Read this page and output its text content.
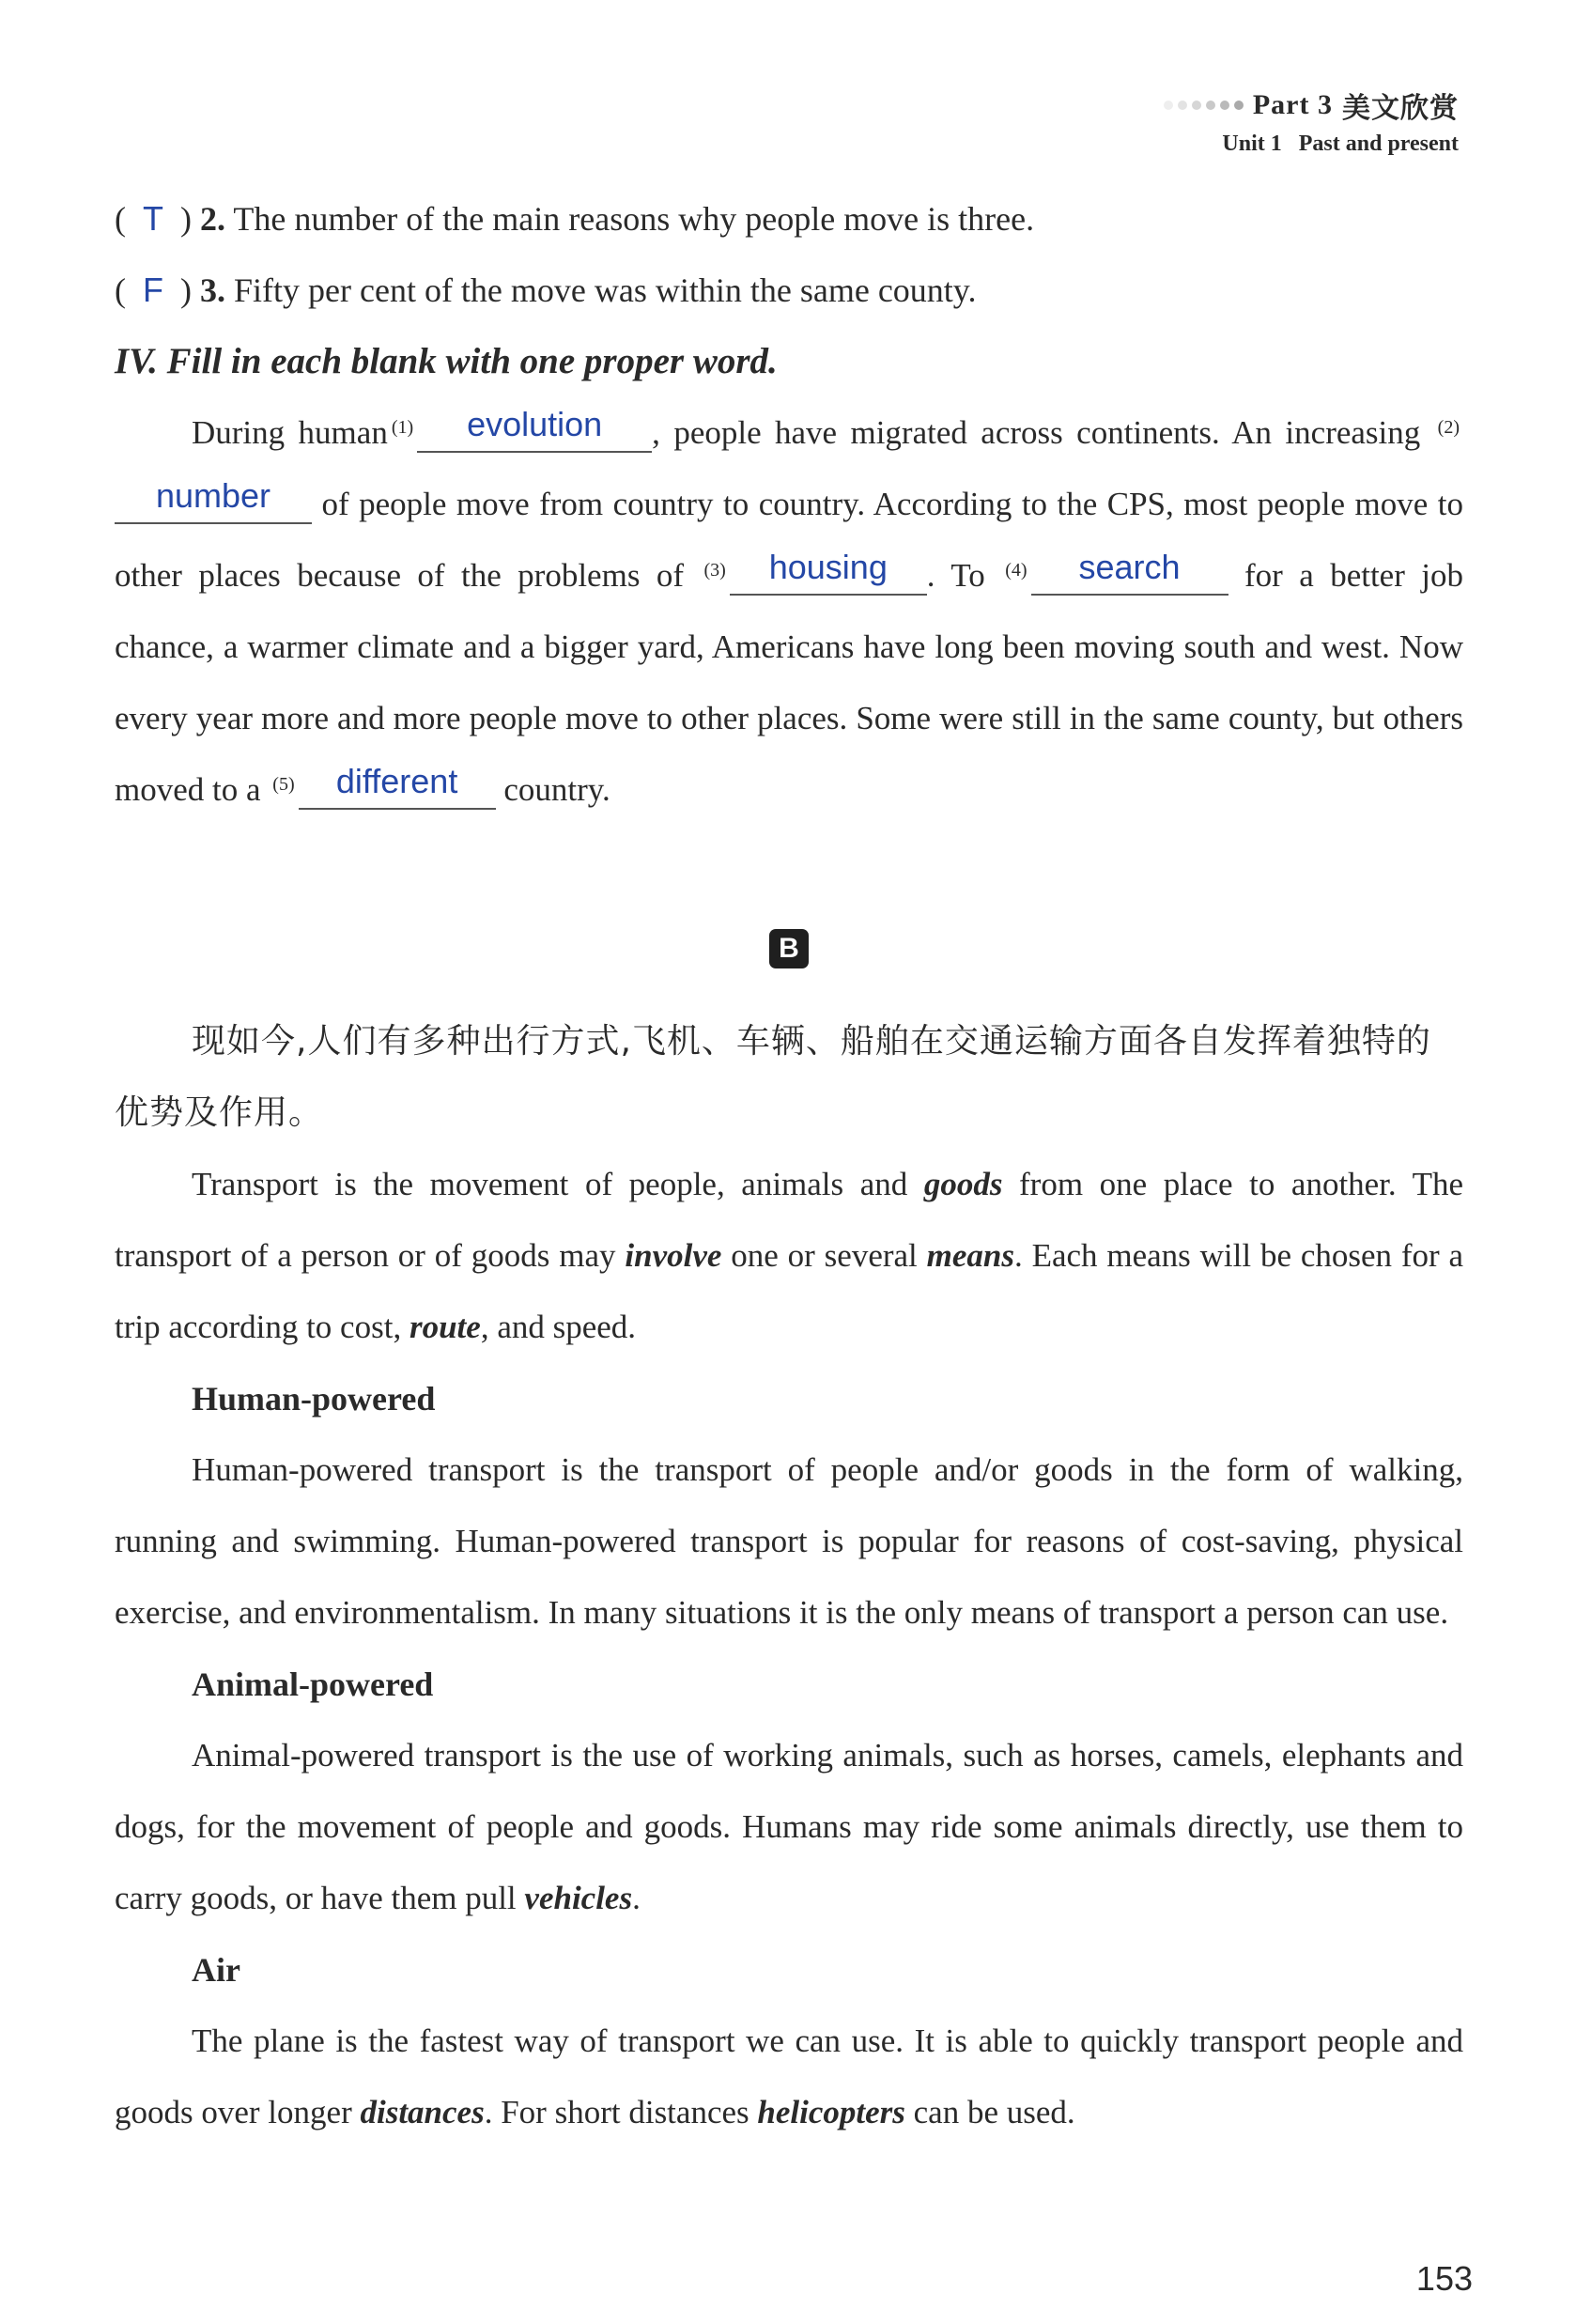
Part 3 美文欣赏
Unit 1 Past and present
( T ) 2. The number of the main reasons why people move is three.
( F ) 3. Fifty per cent of the move was within the same county.
IV. Fill in each blank with one proper word.

During human $^{(1)}$ evolution , people have migrated across continents. An increasing $^{(2)}$number of people move from country to country. According to the CPS, most people move to other places because of the problems of $^{(3)}$ housing . To $^{(4)}$ search for a better job chance, a warmer climate and a bigger yard, Americans have long been moving south and west. Now every year more and more people move to other places. Some were still in the same county, but others moved to a $^{(5)}$ different country.

B

现如今,人们有多种出行方式,飞机、车辆、船舶在交通运输方面各自发挥着独特的优势及作用。

Transport is the movement of people, animals and goods from one place to another. The transport of a person or of goods may involve one or several means. Each means will be chosen for a trip according to cost, route, and speed.

Human-powered

Human-powered transport is the transport of people and/or goods in the form of walking, running and swimming. Human-powered transport is popular for reasons of cost-saving, physical exercise, and environmentalism. In many situations it is the only means of transport a person can use.

Animal-powered

Animal-powered transport is the use of working animals, such as horses, camels, elephants and dogs, for the movement of people and goods. Humans may ride some animals directly, use them to carry goods, or have them pull vehicles.

Air

The plane is the fastest way of transport we can use. It is able to quickly transport people and goods over longer distances. For short distances helicopters can be used.

153
